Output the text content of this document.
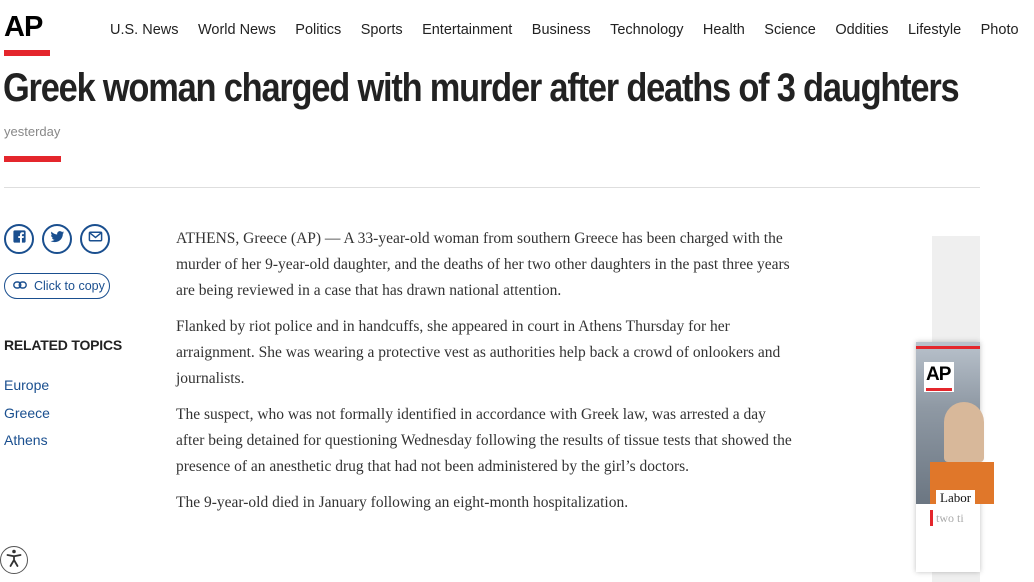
AP	U.S. News World News Politics Sports Entertainment Business Technology Health Science Oddities Lifestyle Photo
Greek woman charged with murder after deaths of 3 daughters
yesterday
Click to copy
RELATED TOPICS
Europe
Greece
Athens

ATHENS, Greece (AP) — A 33-year-old woman from southern Greece has been charged with the murder of her 9-year-old daughter, and the deaths of her two other daughters in the past three years are being reviewed in a case that has drawn national attention.

Flanked by riot police and in handcuffs, she appeared in court in Athens Thursday for her arraignment. She was wearing a protective vest as authorities help back a crowd of onlookers and journalists.

The suspect, who was not formally identified in accordance with Greek law, was arrested a day after being detained for questioning Wednesday following the results of tissue tests that showed the presence of an anesthetic drug that had not been administered by the girl’s doctors.

The 9-year-old died in January following an eight-month hospitalization.

AP
Labor
two ti
